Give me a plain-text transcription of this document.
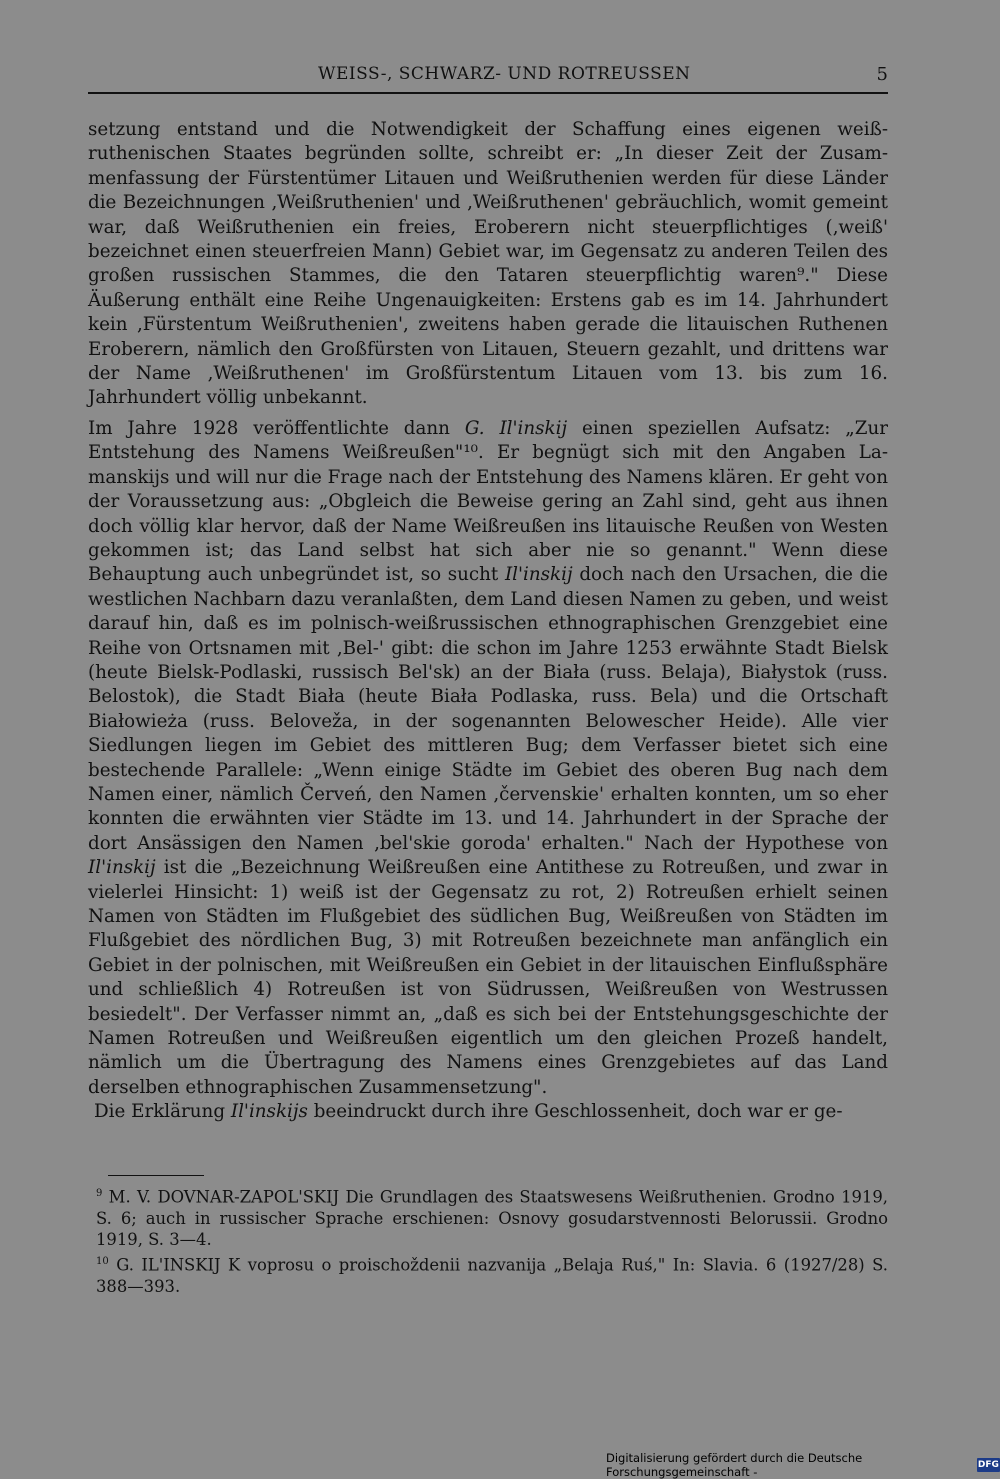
WEISS-, SCHWARZ- UND ROTREUSSEN	5

setzung entstand und die Notwendigkeit der Schaffung eines eigenen weißruthenischen Staates begründen sollte, schreibt er: „In dieser Zeit der Zusammenfassung der Fürstentümer Litauen und Weißruthenien werden für diese Länder die Bezeichnungen ‚Weißruthenien' und ‚Weißruthenen' gebräuchlich, womit gemeint war, daß Weißruthenien ein freies, Eroberern nicht steuerpflichtiges (‚weiß' bezeichnet einen steuerfreien Mann) Gebiet war, im Gegensatz zu anderen Teilen des großen russischen Stammes, die den Tataren steuerpflichtig waren⁹." Diese Äußerung enthält eine Reihe Ungenauigkeiten: Erstens gab es im 14. Jahrhundert kein ‚Fürstentum Weißruthenien', zweitens haben gerade die litauischen Ruthenen Eroberern, nämlich den Großfürsten von Litauen, Steuern gezahlt, und drittens war der Name ‚Weißruthenen' im Großfürstentum Litauen vom 13. bis zum 16. Jahrhundert völlig unbekannt.

Im Jahre 1928 veröffentlichte dann G. Il'inskij einen speziellen Aufsatz: „Zur Entstehung des Namens Weißreußen"¹⁰. Er begnügt sich mit den Angaben Lamanskijs und will nur die Frage nach der Entstehung des Namens klären. Er geht von der Voraussetzung aus: „Obgleich die Beweise gering an Zahl sind, geht aus ihnen doch völlig klar hervor, daß der Name Weißreußen ins litauische Reußen von Westen gekommen ist; das Land selbst hat sich aber nie so genannt." Wenn diese Behauptung auch unbegründet ist, so sucht Il'inskij doch nach den Ursachen, die die westlichen Nachbarn dazu veranlaßten, dem Land diesen Namen zu geben, und weist darauf hin, daß es im polnisch-weißrussischen ethnographischen Grenzgebiet eine Reihe von Ortsnamen mit ‚Bel-' gibt: die schon im Jahre 1253 erwähnte Stadt Bielsk (heute Bielsk-Podlaski, russisch Bel'sk) an der Biała (russ. Belaja), Białystok (russ. Belostok), die Stadt Biała (heute Biała Podlaska, russ. Bela) und die Ortschaft Białowieża (russ. Beloveža, in der sogenannten Belowescher Heide). Alle vier Siedlungen liegen im Gebiet des mittleren Bug; dem Verfasser bietet sich eine bestechende Parallele: „Wenn einige Städte im Gebiet des oberen Bug nach dem Namen einer, nämlich Červeń, den Namen ‚červenskie' erhalten konnten, um so eher konnten die erwähnten vier Städte im 13. und 14. Jahrhundert in der Sprache der dort Ansässigen den Namen ‚bel'skie goroda' erhalten." Nach der Hypothese von Il'inskij ist die „Bezeichnung Weißreußen eine Antithese zu Rotreußen, und zwar in vielerlei Hinsicht: 1) weiß ist der Gegensatz zu rot, 2) Rotreußen erhielt seinen Namen von Städten im Flußgebiet des südlichen Bug, Weißreußen von Städten im Flußgebiet des nördlichen Bug, 3) mit Rotreußen bezeichnete man anfänglich ein Gebiet in der polnischen, mit Weißreußen ein Gebiet in der litauischen Einflußsphäre und schließlich 4) Rotreußen ist von Südrussen, Weißreußen von Westrussen besiedelt". Der Verfasser nimmt an, „daß es sich bei der Entstehungsgeschichte der Namen Rotreußen und Weißreußen eigentlich um den gleichen Prozeß handelt, nämlich um die Übertragung des Namens eines Grenzgebietes auf das Land derselben ethnographischen Zusammensetzung".

Die Erklärung Il'inskijs beeindruckt durch ihre Geschlossenheit, doch war er ge-

$^9$ M. V. DOVNAR-ZAPOL'SKIJ Die Grundlagen des Staatswesens Weißruthenien. Grodno 1919, S. 6; auch in russischer Sprache erschienen: Osnovy gosudarstvennosti Belorussii. Grodno 1919, S. 3—4.

$^{10}$ G. IL'INSKIJ K voprosu o proischoždenii nazvanija „Belaja Ruś," In: Slavia. 6 (1927/28) S. 388—393.

Digitalisierung gefördert durch die Deutsche Forschungsgemeinschaft -	DFG
